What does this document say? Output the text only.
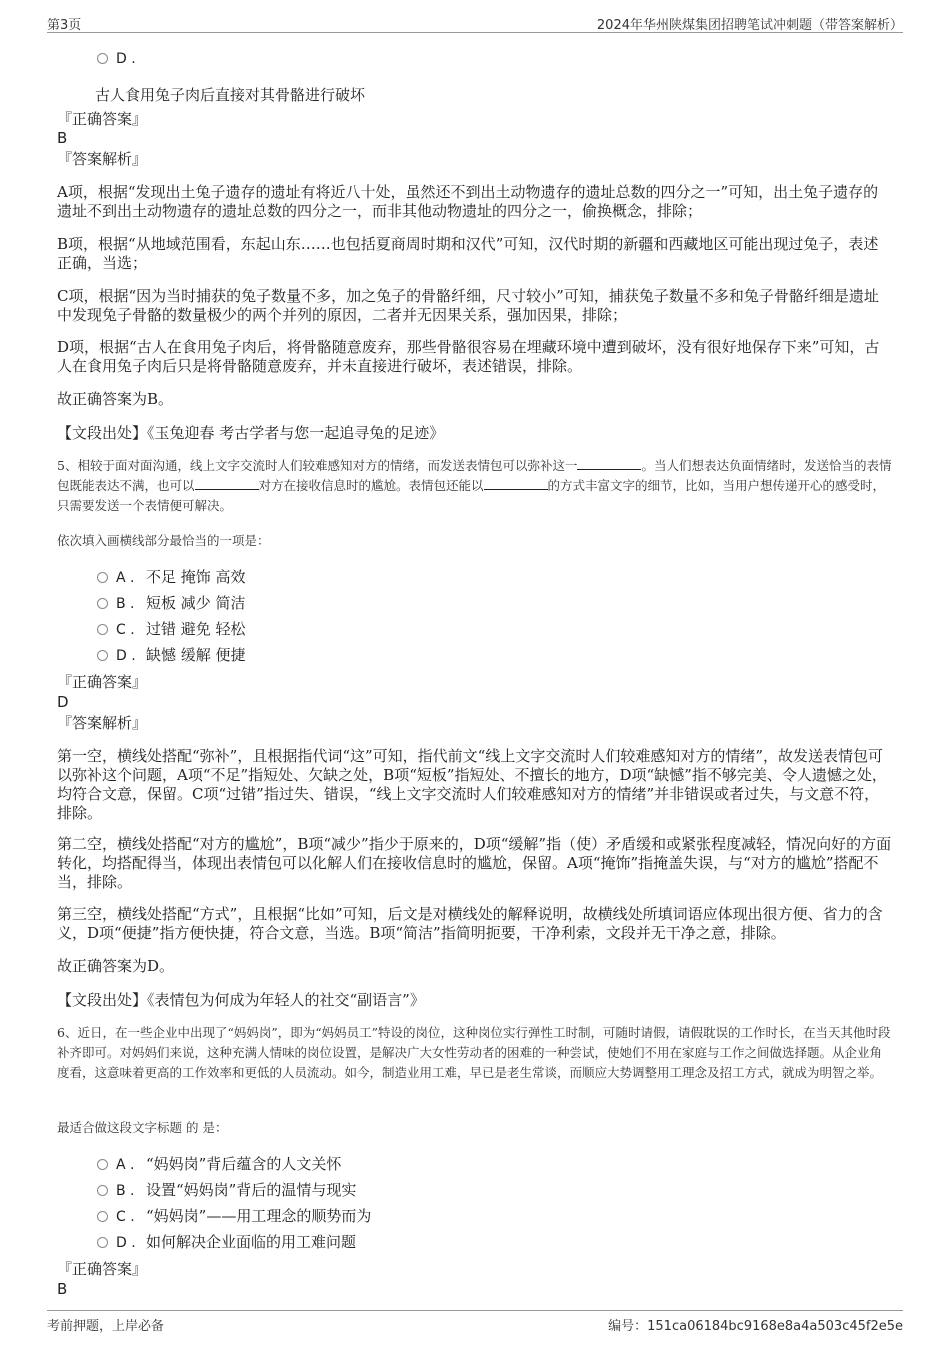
第3页	2024年华州陕煤集团招聘笔试冲刺题（带答案解析）
D .
古人食用兔子肉后直接对其骨骼进行破坏
『正确答案』
B
『答案解析』
A项，根据“发现出土兔子遗存的遗址有将近八十处，虽然还不到出土动物遗存的遗址总数的四分之一”可知，出土兔子遗存的遗址不到出土动物遗存的遗址总数的四分之一，而非其他动物遗址的四分之一，偷换概念，排除；
B项，根据“从地域范围看，东起山东……也包括夏商周时期和汉代”可知，汉代时期的新疆和西藏地区可能出现过兔子，表述正确，当选；
C项，根据“因为当时捕获的兔子数量不多，加之兔子的骨骼纤细，尺寸较小”可知，捕获兔子数量不多和兔子骨骼纤细是遗址中发现兔子骨骼的数量极少的两个并列的原因，二者并无因果关系，强加因果，排除；
D项，根据“古人在食用兔子肉后，将骨骼随意废弃，那些骨骼很容易在埋藏环境中遭到破坏，没有很好地保存下来”可知，古人在食用兔子肉后只是将骨骼随意废弃，并未直接进行破坏，表述错误，排除。
故正确答案为B。
【文段出处】《玉兔迎春 考古学者与您一起追寻兔的足迹》
5、相较于面对面沟通，线上文字交流时人们较难感知对方的情绪，而发送表情包可以弥补这一	。当人们想表达负面情绪时，发送恰当的表情包既能表达不满，也可以	对方在接收信息时的尴尬。表情包还能以	的方式丰富文字的细节，比如，当用户想传递开心的感受时，只需要发送一个表情便可解决。
依次填入画横线部分最恰当的一项是：
A . 不足 掩饰 高效
B . 短板 减少 简洁
C . 过错 避免 轻松
D . 缺憾 缓解 便捷
『正确答案』
D
『答案解析』
第一空，横线处搭配“弥补”，且根据指代词“这”可知，指代前文“线上文字交流时人们较难感知对方的情绪”，故发送表情包可以弥补这个问题，A项“不足”指短处、欠缺之处，B项“短板”指短处、不擅长的地方，D项“缺憾”指不够完美、令人遗憾之处，均符合文意，保留。C项“过错”指过失、错误，“线上文字交流时人们较难感知对方的情绪”并非错误或者过失，与文意不符，排除。
第二空，横线处搭配“对方的尴尬”，B项“减少”指少于原来的，D项“缓解”指（使）矛盾缓和或紧张程度减轻，情况向好的方面转化，均搭配得当，体现出表情包可以化解人们在接收信息时的尴尬，保留。A项“掩饰”指掩盖失误，与“对方的尴尬”搭配不当，排除。
第三空，横线处搭配“方式”，且根据“比如”可知，后文是对横线处的解释说明，故横线处所填词语应体现出很方便、省力的含义，D项“便捷”指方便快捷，符合文意，当选。B项“简洁”指简明扼要，干净利索，文段并无干净之意，排除。
故正确答案为D。
【文段出处】《表情包为何成为年轻人的社交“副语言”》
6、近日，在一些企业中出现了“妈妈岗”，即为“妈妈员工”特设的岗位，这种岗位实行弹性工时制，可随时请假，请假耽误的工作时长，在当天其他时段补齐即可。对妈妈们来说，这种充满人情味的岗位设置，是解决广大女性劳动者的困难的一种尝试，使她们不用在家庭与工作之间做选择题。从企业角度看，这意味着更高的工作效率和更低的人员流动。如今，制造业用工难，早已是老生常谈，而顺应大势调整用工理念及招工方式，就成为明智之举。
最适合做这段文字标题 的 是：
A . “妈妈岗”背后蕴含的人文关怀
B . 设置“妈妈岗”背后的温情与现实
C . “妈妈岗”——用工理念的顺势而为
D . 如何解决企业面临的用工难问题
『正确答案』
B
考前押题，上岸必备	编号：151ca06184bc9168e8a4a503c45f2e5e
